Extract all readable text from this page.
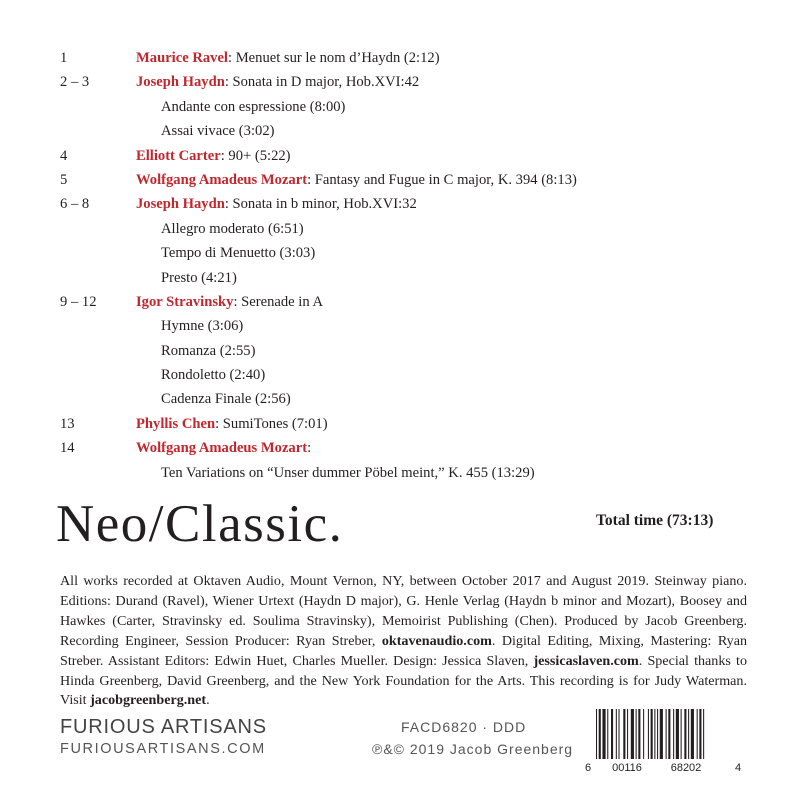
1	Maurice Ravel: Menuet sur le nom d’Haydn (2:12)
2 – 3	Joseph Haydn: Sonata in D major, Hob.XVI:42
Andante con espressione (8:00)
Assai vivace (3:02)
4	Elliott Carter: 90+ (5:22)
5	Wolfgang Amadeus Mozart: Fantasy and Fugue in C major, K. 394 (8:13)
6 – 8	Joseph Haydn: Sonata in b minor, Hob.XVI:32
Allegro moderato (6:51)
Tempo di Menuetto (3:03)
Presto (4:21)
9 – 12	Igor Stravinsky: Serenade in A
Hymne (3:06)
Romanza (2:55)
Rondoletto (2:40)
Cadenza Finale (2:56)
13	Phyllis Chen: SumiTones (7:01)
14	Wolfgang Amadeus Mozart:
Ten Variations on “Unser dummer Pöbel meint,” K. 455 (13:29)
Neo/Classic.	Total time (73:13)

All works recorded at Oktaven Audio, Mount Vernon, NY, between October 2017 and August 2019. Steinway piano. Editions: Durand (Ravel), Wiener Urtext (Haydn D major), G. Henle Verlag (Haydn b minor and Mozart), Boosey and Hawkes (Carter, Stravinsky ed. Soulima Stravinsky), Memoirist Publishing (Chen). Produced by Jacob Greenberg. Recording Engineer, Session Producer: Ryan Streber, oktavenaudio.com. Digital Editing, Mixing, Mastering: Ryan Streber. Assistant Editors: Edwin Huet, Charles Mueller. Design: Jessica Slaven, jessicaslaven.com. Special thanks to Hinda Greenberg, David Greenberg, and the New York Foundation for the Arts. This recording is for Judy Waterman. Visit jacobgreenberg.net.

FURIOUS ARTISANS
FURIOUSARTISANS.COM
FACD6820 · DDD
℗&© 2019 Jacob Greenberg
6 00116	68202	4
